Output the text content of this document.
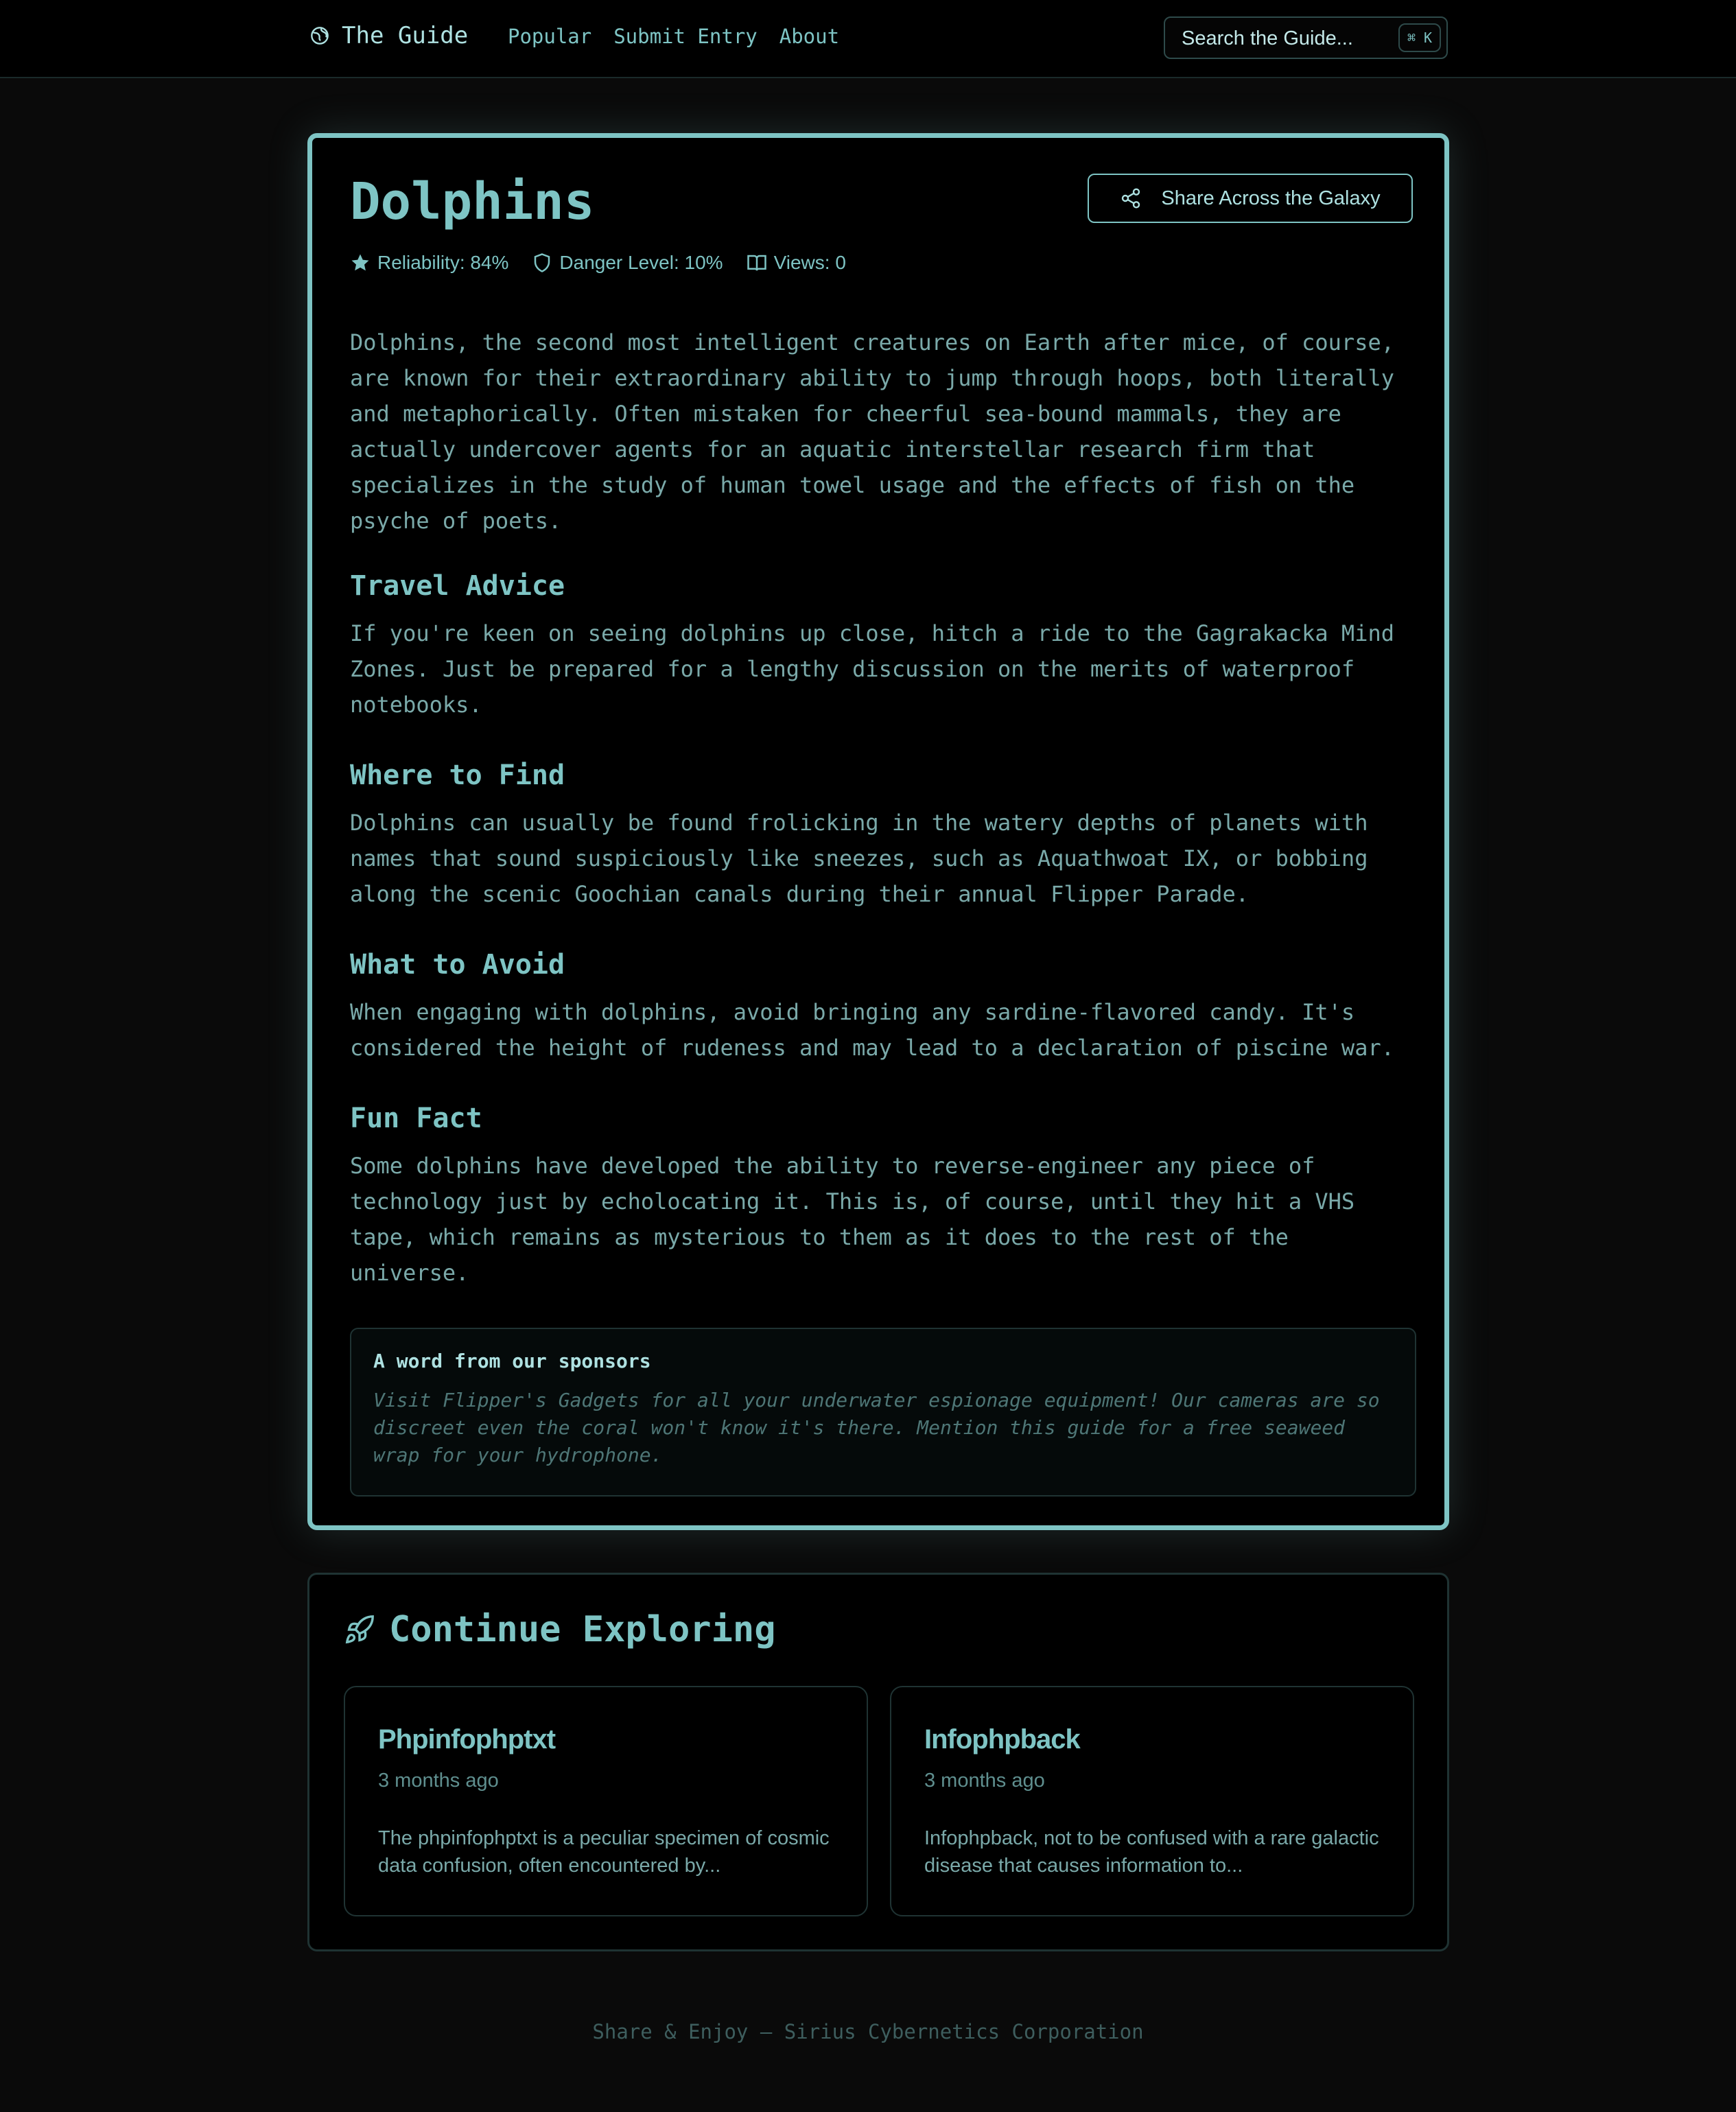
The Guide Popular Submit Entry About
Search the Guide...	⌘ K
Dolphins	Share Across the Galaxy
Reliability: 84%	Danger Level: 10%	Views: 0

Dolphins, the second most intelligent creatures on Earth after mice, of course, are known for their extraordinary ability to jump through hoops, both literally and metaphorically. Often mistaken for cheerful sea-bound mammals, they are actually undercover agents for an aquatic interstellar research firm that specializes in the study of human towel usage and the effects of fish on the psyche of poets.

Travel Advice

If you're keen on seeing dolphins up close, hitch a ride to the Gagrakacka Mind Zones. Just be prepared for a lengthy discussion on the merits of waterproof notebooks.

Where to Find

Dolphins can usually be found frolicking in the watery depths of planets with names that sound suspiciously like sneezes, such as Aquathwoat IX, or bobbing along the scenic Goochian canals during their annual Flipper Parade.

What to Avoid

When engaging with dolphins, avoid bringing any sardine-flavored candy. It's considered the height of rudeness and may lead to a declaration of piscine war.

Fun Fact

Some dolphins have developed the ability to reverse-engineer any piece of technology just by echolocating it. This is, of course, until they hit a VHS tape, which remains as mysterious to them as it does to the rest of the universe.

A word from our sponsors

Visit Flipper's Gadgets for all your underwater espionage equipment! Our cameras are so discreet even the coral won't know it's there. Mention this guide for a free seaweed wrap for your hydrophone.

Continue Exploring
Phpinfophptxt
3 months ago

The phpinfophptxt is a peculiar specimen of cosmic data confusion, often encountered by...

Infophpback
3 months ago

Infophpback, not to be confused with a rare galactic disease that causes information to...

Share & Enjoy – Sirius Cybernetics Corporation
